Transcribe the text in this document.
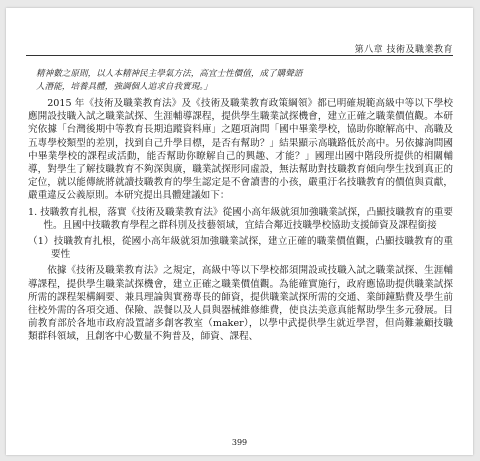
第八章 技術及職業教育

精神數之原則，以人本精神民主學氣方法，高宜士性價值，成了購聲語

人潛能，培養具體，強調個人追求自我實現。」

2015 年《技術及職業教育法》及《技術及職業教育政策綱領》都已明確規範高級中等以下學校應開設技職入試之職業試探、生涯輔導課程，提供學生職業試探機會，建立正確之職業價值觀。本研究依據「台灣後期中等教育長期追蹤資料庫」之題項詢問「國中畢業學校，協助你瞭解高中、高職及五專學校類型的差別，找到自己升學目標，是否有幫助？」結果顯示高職路低於高中。另依據詢問國中畢業學校的課程或活動，能否幫助你瞭解自己的興趣、才能？」國理出國中階段所提供的相關輔導，對學生了解技職教育不夠深與廣，職業試探形同虛設，無法幫助對技職教育傾向學生找到真正的定位，就以能傳統將就讀技職教育的學生認定是不會讀書的小孩，嚴重汙名技職教育的價值與貢獻，嚴重違反公義原則。本研究提出具體建議如下：

1. 技職教育扎根，落實《技術及職業教育法》從國小高年級就須加強職業試探，凸顯技職教育的重要性。且國中技職教育學程之群科別及技藝領域，宜結合鄰近技職學校協助支援師資及課程銜接

（1）技職教育扎根，從國小高年級就須加強職業試探，建立正確的職業價值觀，凸顯技職教育的重要性

依據《技術及職業教育法》之規定，高級中等以下學校都須開設或技職入試之職業試探、生涯輔導課程，提供學生職業試探機會，建立正確之職業價值觀。為能確實施行，政府應協助提供職業試探所需的課程架構綱要、兼具理論與實務專長的師資，提供職業試探所需的交通、業師鐘點費及學生前往校外需的各項交通、保險、誤餐以及人員與器械維修維費，使良法美意真能幫助學生多元發展。目前教育部於各地市政府設置諸多創客教室（maker），以學中武提供學生就近學習，但尚難兼顧技職類群科領域，且創客中心數量不夠普及，師資、課程、

399
